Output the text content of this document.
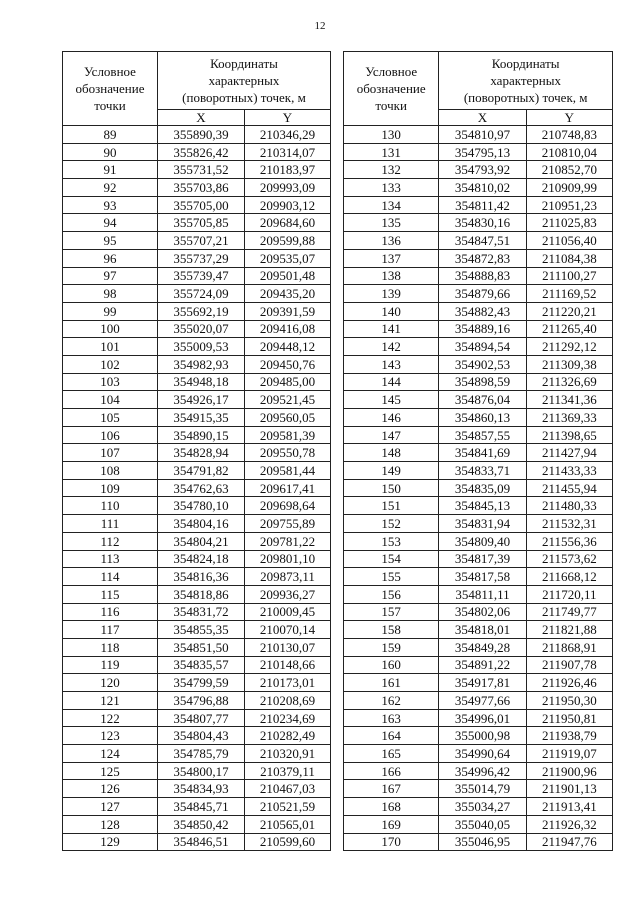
12
Условное
обозначение
точки	Координаты
характерных
(поворотных) точек, м	
	X	Y
89	355890,39	210346,29
90	355826,42	210314,07
91	355731,52	210183,97
92	355703,86	209993,09
93	355705,00	209903,12
94	355705,85	209684,60
95	355707,21	209599,88
96	355737,29	209535,07
97	355739,47	209501,48
98	355724,09	209435,20
99	355692,19	209391,59
100	355020,07	209416,08
101	355009,53	209448,12
102	354982,93	209450,76
103	354948,18	209485,00
104	354926,17	209521,45
105	354915,35	209560,05
106	354890,15	209581,39
107	354828,94	209550,78
108	354791,82	209581,44
109	354762,63	209617,41
110	354780,10	209698,64
111	354804,16	209755,89
112	354804,21	209781,22
113	354824,18	209801,10
114	354816,36	209873,11
115	354818,86	209936,27
116	354831,72	210009,45
117	354855,35	210070,14
118	354851,50	210130,07
119	354835,57	210148,66
120	354799,59	210173,01
121	354796,88	210208,69
122	354807,77	210234,69
123	354804,43	210282,49
124	354785,79	210320,91
125	354800,17	210379,11
126	354834,93	210467,03
127	354845,71	210521,59
128	354850,42	210565,01
129	354846,51	210599,60
Условное
обозначение
точки	Координаты
характерных
(поворотных) точек, м	
	X	Y
130	354810,97	210748,83
131	354795,13	210810,04
132	354793,92	210852,70
133	354810,02	210909,99
134	354811,42	210951,23
135	354830,16	211025,83
136	354847,51	211056,40
137	354872,83	211084,38
138	354888,83	211100,27
139	354879,66	211169,52
140	354882,43	211220,21
141	354889,16	211265,40
142	354894,54	211292,12
143	354902,53	211309,38
144	354898,59	211326,69
145	354876,04	211341,36
146	354860,13	211369,33
147	354857,55	211398,65
148	354841,69	211427,94
149	354833,71	211433,33
150	354835,09	211455,94
151	354845,13	211480,33
152	354831,94	211532,31
153	354809,40	211556,36
154	354817,39	211573,62
155	354817,58	211668,12
156	354811,11	211720,11
157	354802,06	211749,77
158	354818,01	211821,88
159	354849,28	211868,91
160	354891,22	211907,78
161	354917,81	211926,46
162	354977,66	211950,30
163	354996,01	211950,81
164	355000,98	211938,79
165	354990,64	211919,07
166	354996,42	211900,96
167	355014,79	211901,13
168	355034,27	211913,41
169	355040,05	211926,32
170	355046,95	211947,76
